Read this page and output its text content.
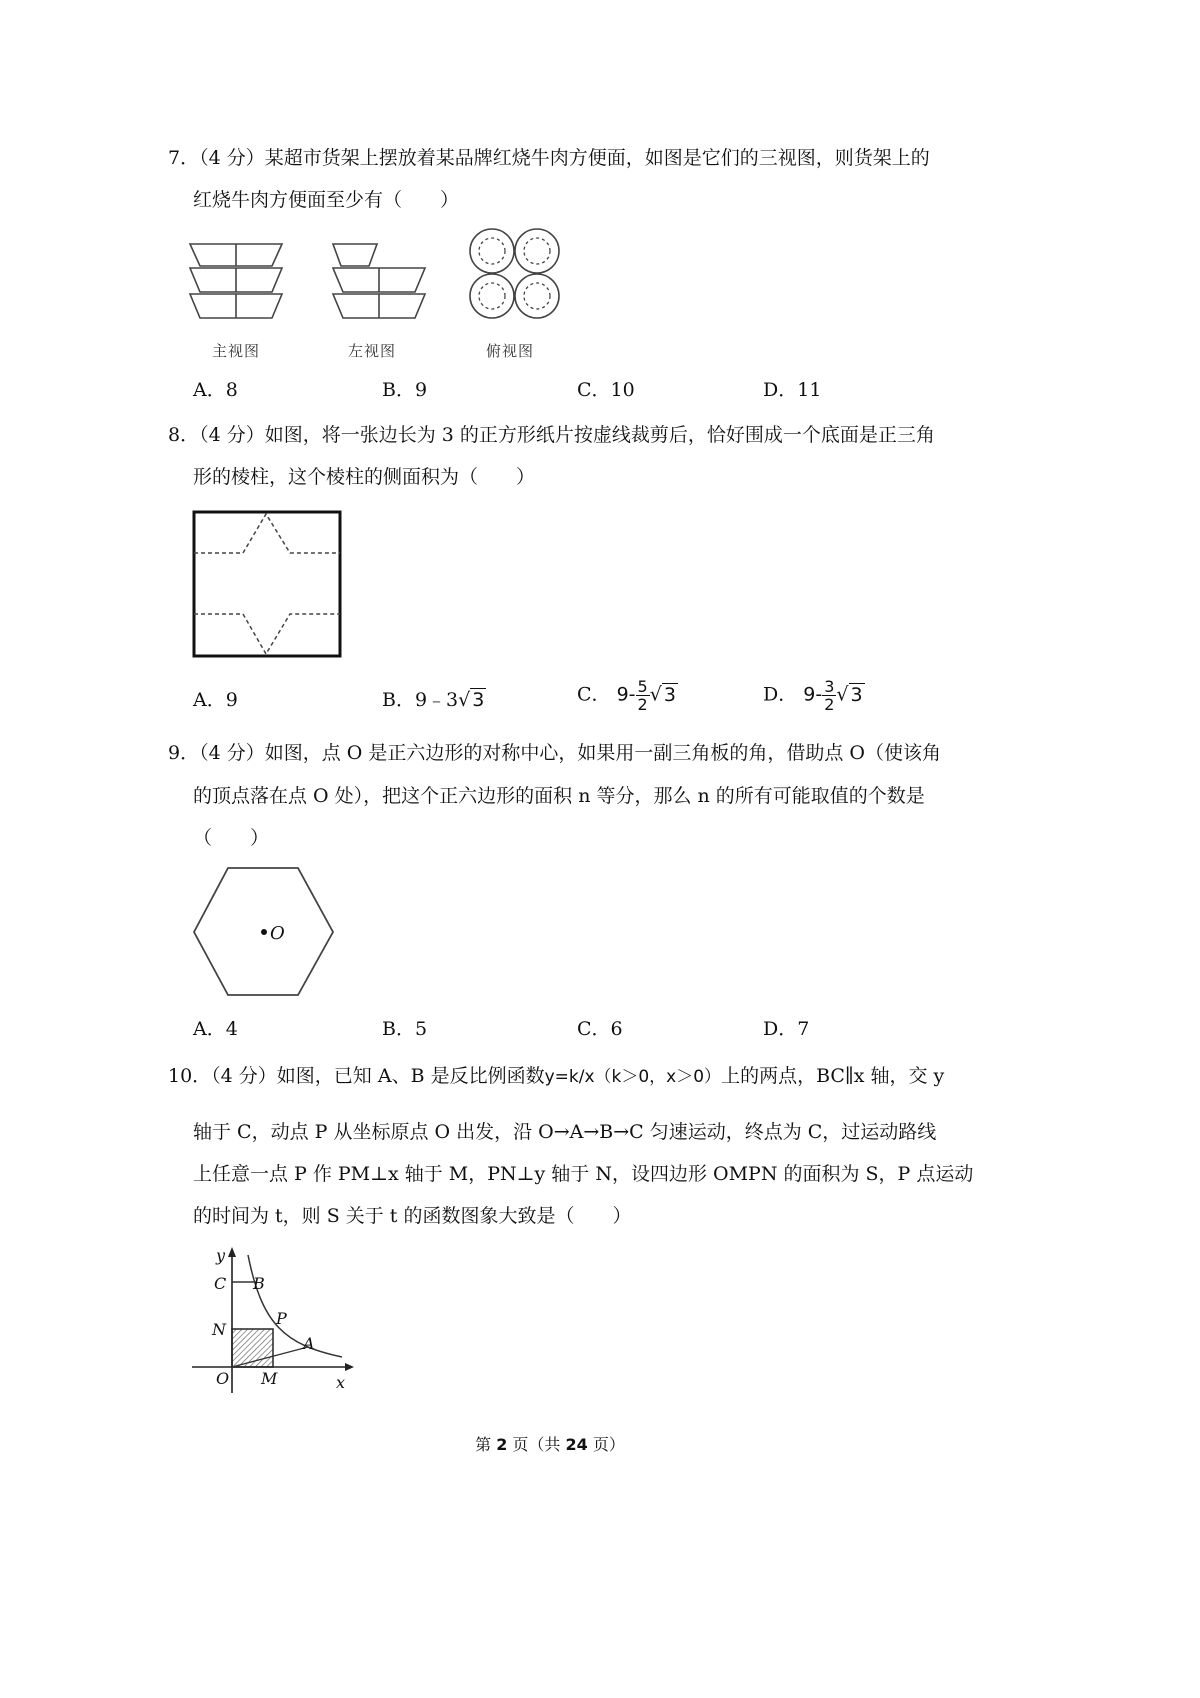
7．（4 分）某超市货架上摆放着某品牌红烧牛肉方便面，如图是它们的三视图，则货架上的
红烧牛肉方便面至少有（　　）
主视图	左视图	俯视图
A．8	B．9	C．10	D．11
8．（4 分）如图，将一张边长为 3 的正方形纸片按虚线裁剪后，恰好围成一个底面是正三角
形的棱柱，这个棱柱的侧面积为（　　）
A．9	B．9﹣3√ 3	C． $9- \frac{5}{2}$ √ 3	D． $9- \frac{3}{2}$ √ 3
9．（4 分）如图，点 O 是正六边形的对称中心，如果用一副三角板的角，借助点 O（使该角
的顶点落在点 O 处），把这个正六边形的面积 n 等分，那么 n 的所有可能取值的个数是
（　　）
O
A．4	B．5	C．6	D．7
10．（4 分）如图，已知 A、B 是反比例函数y=k/x（k＞0，x＞0）上的两点，BC∥x 轴，交 y
轴于 C，动点 P 从坐标原点 O 出发，沿 O→A→B→C 匀速运动，终点为 C，过运动路线
上任意一点 P 作 PM⊥x 轴于 M，PN⊥y 轴于 N，设四边形 OMPN 的面积为 S，P 点运动
的时间为 t，则 S 关于 t 的函数图象大致是（　　）
y
C B
N
P
A
O M	x
第 2 页（共 24 页）
